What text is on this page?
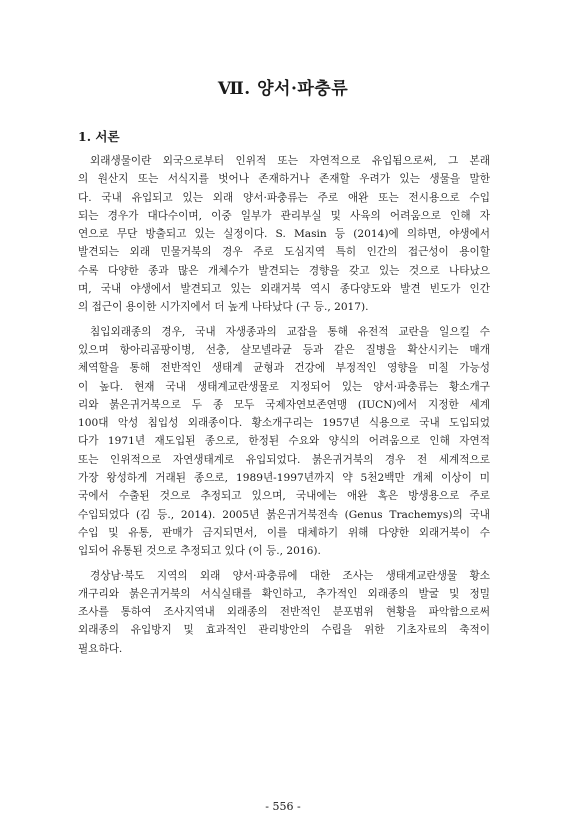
Ⅶ. 양서·파충류
1. 서론
외래생물이란 외국으로부터 인위적 또는 자연적으로 유입됨으로써, 그 본래
의 원산지 또는 서식지를 벗어나 존재하거나 존재할 우려가 있는 생물을 말한
다. 국내 유입되고 있는 외래 양서·파충류는 주로 애완 또는 전시용으로 수입
되는 경우가 대다수이며, 이중 일부가 관리부실 및 사육의 어려움으로 인해 자
연으로 무단 방출되고 있는 실정이다. S. Masin 등 (2014)에 의하면, 야생에서
발견되는 외래 민물거북의 경우 주로 도심지역 특히 인간의 접근성이 용이할
수록 다양한 종과 많은 개체수가 발견되는 경향을 갖고 있는 것으로 나타났으
며, 국내 야생에서 발견되고 있는 외래거북 역시 종다양도와 발견 빈도가 인간
의 접근이 용이한 시가지에서 더 높게 나타났다 (구 등., 2017).
침입외래종의 경우, 국내 자생종과의 교잡을 통해 유전적 교란을 일으킬 수
있으며 항아리곰팡이병, 선충, 살모넬라균 등과 같은 질병을 확산시키는 매개
체역할을 통해 전반적인 생태계 균형과 건강에 부정적인 영향을 미칠 가능성
이 높다. 현재 국내 생태계교란생물로 지정되어 있는 양서·파충류는 황소개구
리와 붉은귀거북으로 두 종 모두 국제자연보존연맹 (IUCN)에서 지정한 세계
100대 악성 침입성 외래종이다. 황소개구리는 1957년 식용으로 국내 도입되었
다가 1971년 재도입된 종으로, 한정된 수요와 양식의 어려움으로 인해 자연적
또는 인위적으로 자연생태계로 유입되었다. 붉은귀거북의 경우 전 세계적으로
가장 왕성하게 거래된 종으로, 1989년-1997년까지 약 5천2백만 개체 이상이 미
국에서 수출된 것으로 추정되고 있으며, 국내에는 애완 혹은 방생용으로 주로
수입되었다 (김 등., 2014). 2005년 붉은귀거북전속 (Genus Trachemys)의 국내
수입 및 유통, 판매가 금지되면서, 이를 대체하기 위해 다양한 외래거북이 수
입되어 유통된 것으로 추정되고 있다 (이 등., 2016).
경상남·북도 지역의 외래 양서·파충류에 대한 조사는 생태계교란생물 황소
개구리와 붉은귀거북의 서식실태를 확인하고, 추가적인 외래종의 발굴 및 정밀
조사를 통하여 조사지역내 외래종의 전반적인 분포범위 현황을 파악함으로써
외래종의 유입방지 및 효과적인 관리방안의 수립을 위한 기초자료의 축적이
필요하다.
- 556 -
